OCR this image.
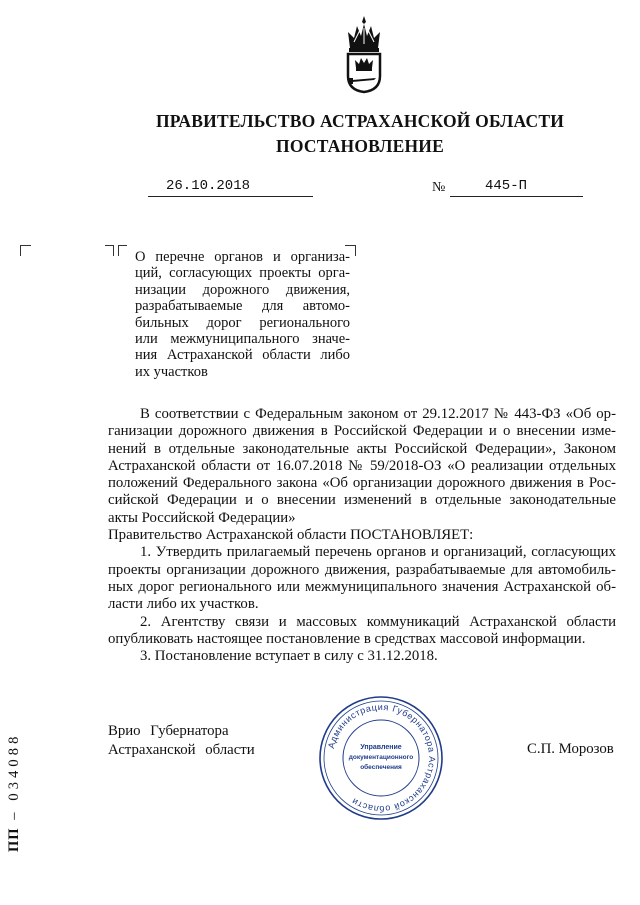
ПРАВИТЕЛЬСТВО АСТРАХАНСКОЙ ОБЛАСТИ
ПОСТАНОВЛЕНИЕ
26.10.2018	№	445-П
О перечне органов и организа-
ций, согласующих проекты орга-
низации дорожного движения,
разрабатываемые для автомо-
бильных дорог регионального
или межмуниципального значе-
ния Астраханской области либо
их участков
В соответствии с Федеральным законом от 29.12.2017 № 443-ФЗ «Об ор-
ганизации дорожного движения в Российской Федерации и о внесении изме-
нений в отдельные законодательные акты Российской Федерации», Законом
Астраханской области от 16.07.2018 № 59/2018-ОЗ «О реализации отдельных
положений Федерального закона «Об организации дорожного движения в Рос-
сийской Федерации и о внесении изменений в отдельные законодательные
акты Российской Федерации»
Правительство Астраханской области ПОСТАНОВЛЯЕТ:
1. Утвердить прилагаемый перечень органов и организаций, согласующих
проекты организации дорожного движения, разрабатываемые для автомобиль-
ных дорог регионального или межмуниципального значения Астраханской об-
ласти либо их участков.
2. Агентству связи и массовых коммуникаций Астраханской области
опубликовать настоящее постановление в средствах массовой информации.
3. Постановление вступает в силу с 31.12.2018.
Врио Губернатора
Астраханской области	С.П. Морозов
Администрация Губернатора Астраханской области
Управление
документационного
обеспечения
ПП – 034088
